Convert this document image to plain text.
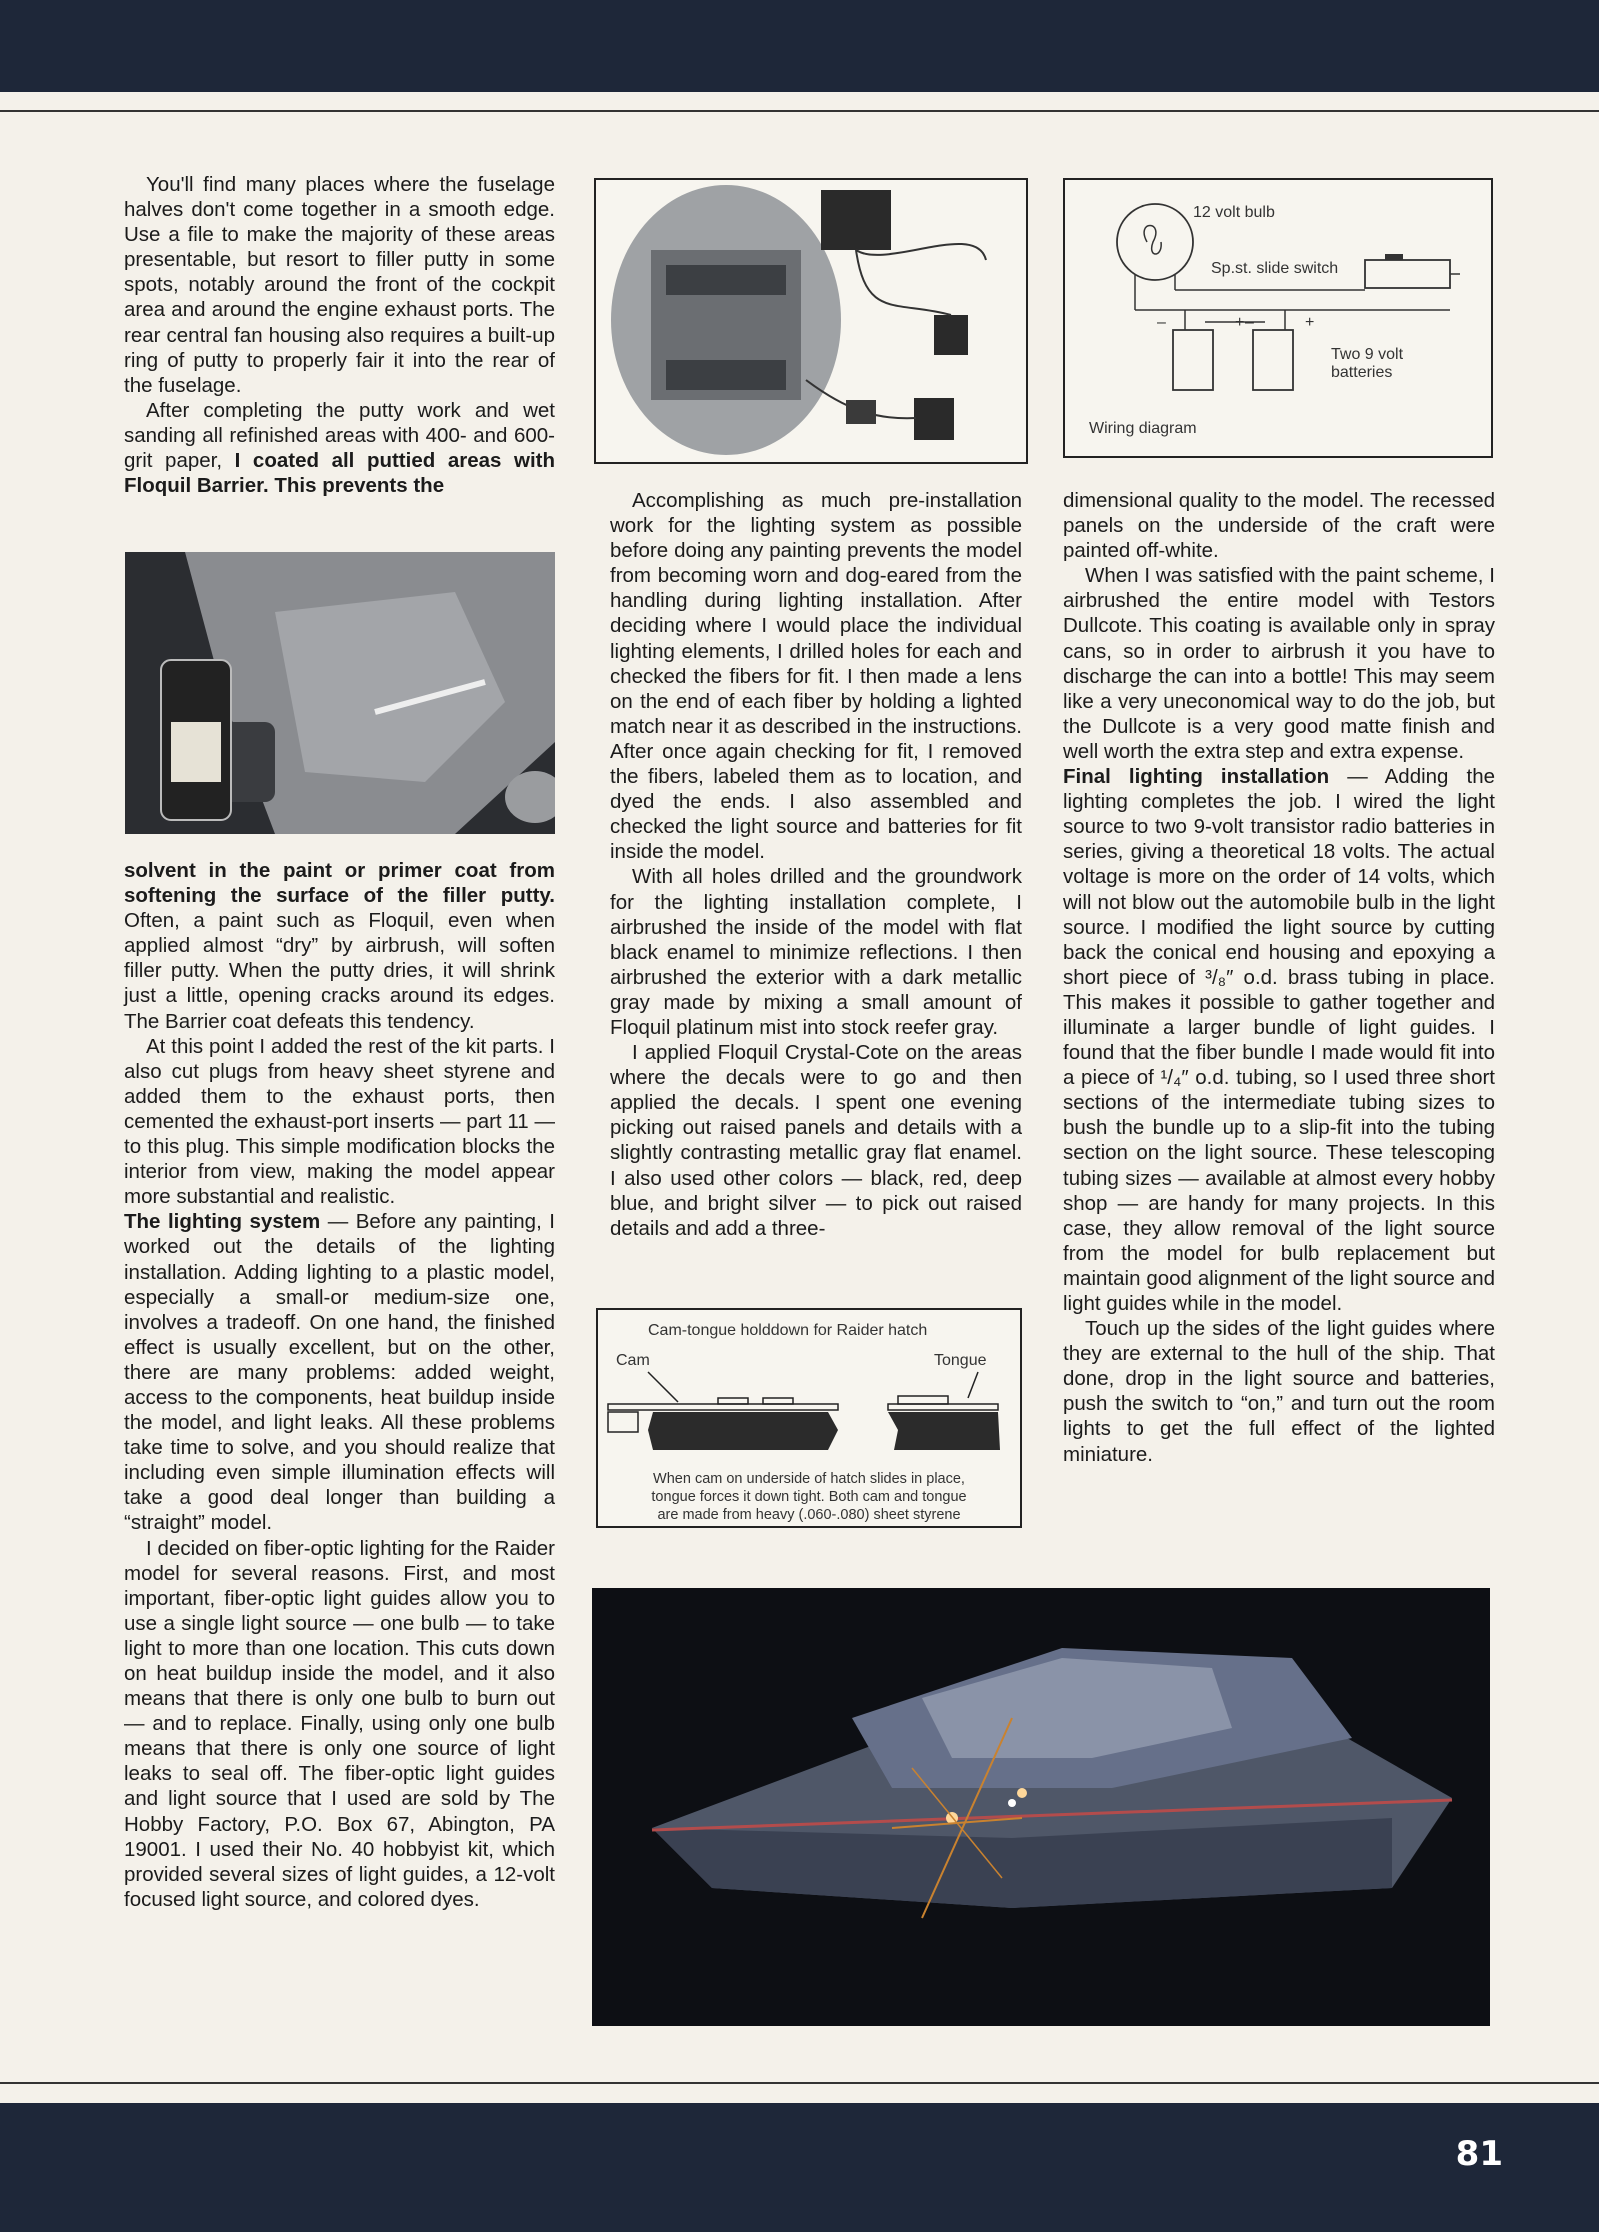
You'll find many places where the fuselage halves don't come together in a smooth edge. Use a file to make the majority of these areas presentable, but resort to filler putty in some spots, notably around the front of the cockpit area and around the engine exhaust ports. The rear central fan housing also requires a built-up ring of putty to properly fair it into the rear of the fuselage.

After completing the putty work and wet sanding all refinished areas with 400- and 600-grit paper, I coated all puttied areas with Floquil Barrier. This prevents the

solvent in the paint or primer coat from softening the surface of the filler putty. Often, a paint such as Floquil, even when applied almost “dry” by airbrush, will soften filler putty. When the putty dries, it will shrink just a little, opening cracks around its edges. The Barrier coat defeats this tendency.

At this point I added the rest of the kit parts. I also cut plugs from heavy sheet styrene and added them to the exhaust ports, then cemented the exhaust-port inserts — part 11 — to this plug. This simple modification blocks the interior from view, making the model appear more substantial and realistic.

The lighting system — Before any painting, I worked out the details of the lighting installation. Adding lighting to a plastic model, especially a small-or medium-size one, involves a tradeoff. On one hand, the finished effect is usually excellent, but on the other, there are many problems: added weight, access to the components, heat buildup inside the model, and light leaks. All these problems take time to solve, and you should realize that including even simple illumination effects will take a good deal longer than building a “straight” model.

I decided on fiber-optic lighting for the Raider model for several reasons. First, and most important, fiber-optic light guides allow you to use a single light source — one bulb — to take light to more than one location. This cuts down on heat buildup inside the model, and it also means that there is only one bulb to burn out — and to replace. Finally, using only one bulb means that there is only one source of light leaks to seal off. The fiber-optic light guides and light source that I used are sold by The Hobby Factory, P.O. Box 67, Abington, PA 19001. I used their No. 40 hobbyist kit, which provided several sizes of light guides, a 12-volt focused light source, and colored dyes.

Accomplishing as much pre-installation work for the lighting system as possible before doing any painting prevents the model from becoming worn and dog-eared from the handling during lighting installation. After deciding where I would place the individual lighting elements, I drilled holes for each and checked the fibers for fit. I then made a lens on the end of each fiber by holding a lighted match near it as described in the instructions. After once again checking for fit, I removed the fibers, labeled them as to location, and dyed the ends. I also assembled and checked the light source and batteries for fit inside the model.

With all holes drilled and the groundwork for the lighting installation complete, I airbrushed the inside of the model with flat black enamel to minimize reflections. I then airbrushed the exterior with a dark metallic gray made by mixing a small amount of Floquil platinum mist into stock reefer gray.

I applied Floquil Crystal-Cote on the areas where the decals were to go and then applied the decals. I spent one evening picking out raised panels and details with a slightly contrasting metallic gray flat enamel. I also used other colors — black, red, deep blue, and bright silver — to pick out raised details and add a three-

Cam-tongue holddown for Raider hatch
Cam	Tongue
When cam on underside of hatch slides in place,
tongue forces it down tight. Both cam and tongue
are made from heavy (.060-.080) sheet styrene
12 volt bulb
Sp.st. slide switch
–	+ –	+
Two 9 volt
batteries
Wiring diagram

dimensional quality to the model. The recessed panels on the underside of the craft were painted off-white.

When I was satisfied with the paint scheme, I airbrushed the entire model with Testors Dullcote. This coating is available only in spray cans, so in order to airbrush it you have to discharge the can into a bottle! This may seem like a very uneconomical way to do the job, but the Dullcote is a very good matte finish and well worth the extra step and extra expense.

Final lighting installation — Adding the lighting completes the job. I wired the light source to two 9-volt transistor radio batteries in series, giving a theoretical 18 volts. The actual voltage is more on the order of 14 volts, which will not blow out the automobile bulb in the light source. I modified the light source by cutting back the conical end housing and epoxying a short piece of ³/₈″ o.d. brass tubing in place. This makes it possible to gather together and illuminate a larger bundle of light guides. I found that the fiber bundle I made would fit into a piece of ¹/₄″ o.d. tubing, so I used three short sections of the intermediate tubing sizes to bush the bundle up to a slip-fit into the tubing section on the light source. These telescoping tubing sizes — available at almost every hobby shop — are handy for many projects. In this case, they allow removal of the light source from the model for bulb replacement but maintain good alignment of the light source and light guides while in the model.

Touch up the sides of the light guides where they are external to the hull of the ship. That done, drop in the light source and batteries, push the switch to “on,” and turn out the room lights to get the full effect of the lighted miniature.

81
